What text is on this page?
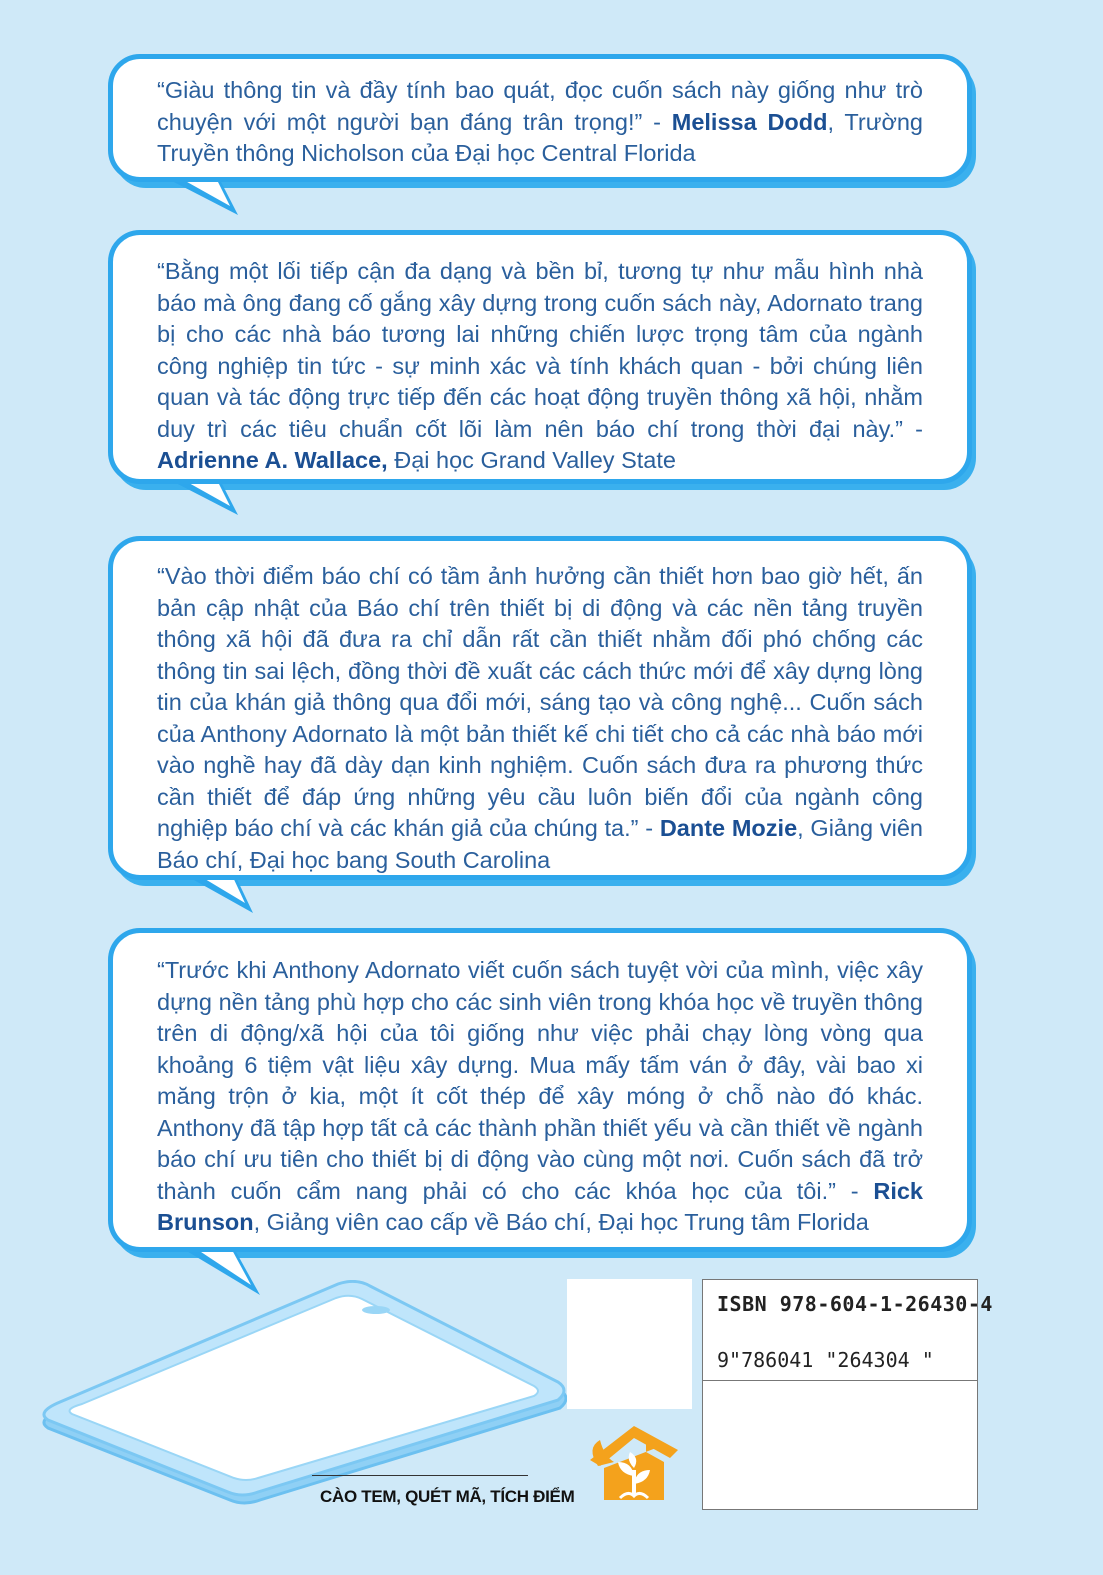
“Giàu thông tin và đầy tính bao quát, đọc cuốn sách này giống như trò chuyện với một người bạn đáng trân trọng!” - Melissa Dodd, Trường Truyền thông Nicholson của Đại học Central Florida

“Bằng một lối tiếp cận đa dạng và bền bỉ, tương tự như mẫu hình nhà báo mà ông đang cố gắng xây dựng trong cuốn sách này, Adornato trang bị cho các nhà báo tương lai những chiến lược trọng tâm của ngành công nghiệp tin tức - sự minh xác và tính khách quan - bởi chúng liên quan và tác động trực tiếp đến các hoạt động truyền thông xã hội, nhằm duy trì các tiêu chuẩn cốt lõi làm nên báo chí trong thời đại này.” - Adrienne A. Wallace, Đại học Grand Valley State

“Vào thời điểm báo chí có tầm ảnh hưởng cần thiết hơn bao giờ hết, ấn bản cập nhật của Báo chí trên thiết bị di động và các nền tảng truyền thông xã hội đã đưa ra chỉ dẫn rất cần thiết nhằm đối phó chống các thông tin sai lệch, đồng thời đề xuất các cách thức mới để xây dựng lòng tin của khán giả thông qua đổi mới, sáng tạo và công nghệ... Cuốn sách của Anthony Adornato là một bản thiết kế chi tiết cho cả các nhà báo mới vào nghề hay đã dày dạn kinh nghiệm. Cuốn sách đưa ra phương thức cần thiết để đáp ứng những yêu cầu luôn biến đổi của ngành công nghiệp báo chí và các khán giả của chúng ta.” - Dante Mozie, Giảng viên Báo chí, Đại học bang South Carolina

“Trước khi Anthony Adornato viết cuốn sách tuyệt vời của mình, việc xây dựng nền tảng phù hợp cho các sinh viên trong khóa học về truyền thông trên di động/xã hội của tôi giống như việc phải chạy lòng vòng qua khoảng 6 tiệm vật liệu xây dựng. Mua mấy tấm ván ở đây, vài bao xi măng trộn ở kia, một ít cốt thép để xây móng ở chỗ nào đó khác. Anthony đã tập hợp tất cả các thành phần thiết yếu và cần thiết về ngành báo chí ưu tiên cho thiết bị di động vào cùng một nơi. Cuốn sách đã trở thành cuốn cẩm nang phải có cho các khóa học của tôi.” - Rick Brunson, Giảng viên cao cấp về Báo chí, Đại học Trung tâm Florida

CÀO TEM, QUÉT MÃ, TÍCH ĐIỂM
ISBN 978-604-1-26430-4
9"786041 "264304 "
